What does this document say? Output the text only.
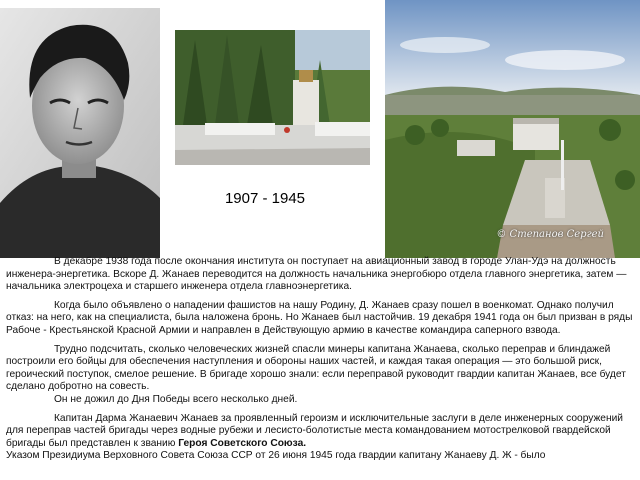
© Степанов Сергей
1907 - 1945

В декабре 1938 года после окончания института он поступает на авиационный завод в городе Улан-Удэ на должность инженера-энергетика. Вскоре Д. Жанаев переводится на должность начальника энергобюро отдела главного энергетика, затем — начальника электроцеха и старшего инженера отдела главноэнергетика.

Когда было объявлено о нападении фашистов на нашу Родину, Д. Жанаев сразу пошел в военкомат. Однако получил отказ: на него, как на специалиста, была наложена бронь. Но Жанаев был настойчив. 19 декабря 1941 года он был призван в ряды Рабоче - Крестьянской Красной Армии и направлен в Действующую армию в качестве командира саперного взвода.

Трудно подсчитать, сколько человеческих жизней спасли минеры капитана Жанаева, сколько переправ и блиндажей построили его бойцы для обеспечения наступления и обороны наших частей, и каждая такая операция — это большой риск, героический поступок, смелое решение. В бригаде хорошо знали: если переправой руководит гвардии капитан Жанаев, все будет сделано добротно на совесть.
Он не дожил до Дня Победы всего несколько дней.

Капитан Дарма Жанаевич Жанаев за проявленный героизм и исключительные заслуги в деле инженерных сооружений для переправ частей бригады через водные рубежи и лесисто-болотистые места командованием мотострелковой гвардейской бригады был представлен к званию Героя Советского Союза.
Указом Президиума Верховного Совета Союза ССР от 26 июня 1945 года гвардии капитану Жанаеву Д. Ж - было
